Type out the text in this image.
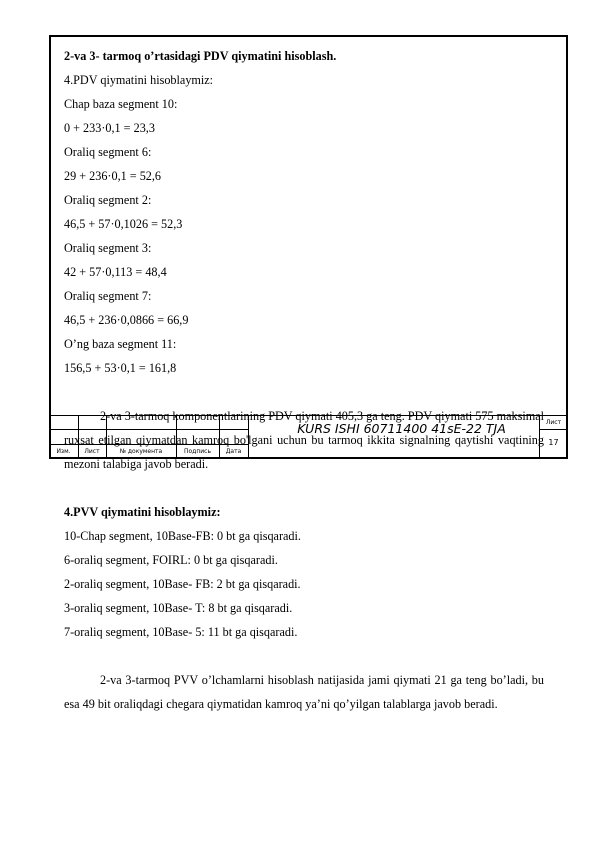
2-va 3- tarmoq o’rtasidagi PDV qiymatini hisoblash.
4.PDV qiymatini hisoblaymiz:
Chap baza segment 10:
0 + 233·0,1 = 23,3
Oraliq segment 6:
29 + 236·0,1 = 52,6
Oraliq segment 2:
46,5 + 57·0,1026 = 52,3
Oraliq segment 3:
42 + 57·0,113 = 48,4
Oraliq segment 7:
46,5 + 236·0,0866 = 66,9
O’ng baza segment 11:
156,5 + 53·0,1 = 161,8

2-va 3-tarmoq komponentlarining PDV qiymati 405,3 ga teng. PDV qiymati 575 maksimal ruxsat etilgan qiymatdan kamroq bo'lgani uchun bu tarmoq ikkita signalning qaytishi vaqtining mezoni talabiga javob beradi.

4.PVV qiymatini hisoblaymiz:
10-Chap segment, 10Base-FB: 0 bt ga qisqaradi.
6-oraliq segment, FOIRL: 0 bt ga qisqaradi.
2-oraliq segment, 10Base- FB: 2 bt ga qisqaradi.
3-oraliq segment, 10Base- T: 8 bt ga qisqaradi.
7-oraliq segment, 10Base- 5: 11 bt ga qisqaradi.

2-va 3-tarmoq PVV o’lchamlarni hisoblash natijasida jami qiymati 21 ga teng bo’ladi, bu esa 49 bit oraliqdagi chegara qiymatidan kamroq ya’ni qo’yilgan talablarga javob beradi.

Изм.	Лист	№ документа	Подпись	Дата
KURS ISHI 60711400 41sE-22 TJA	Лист
17
